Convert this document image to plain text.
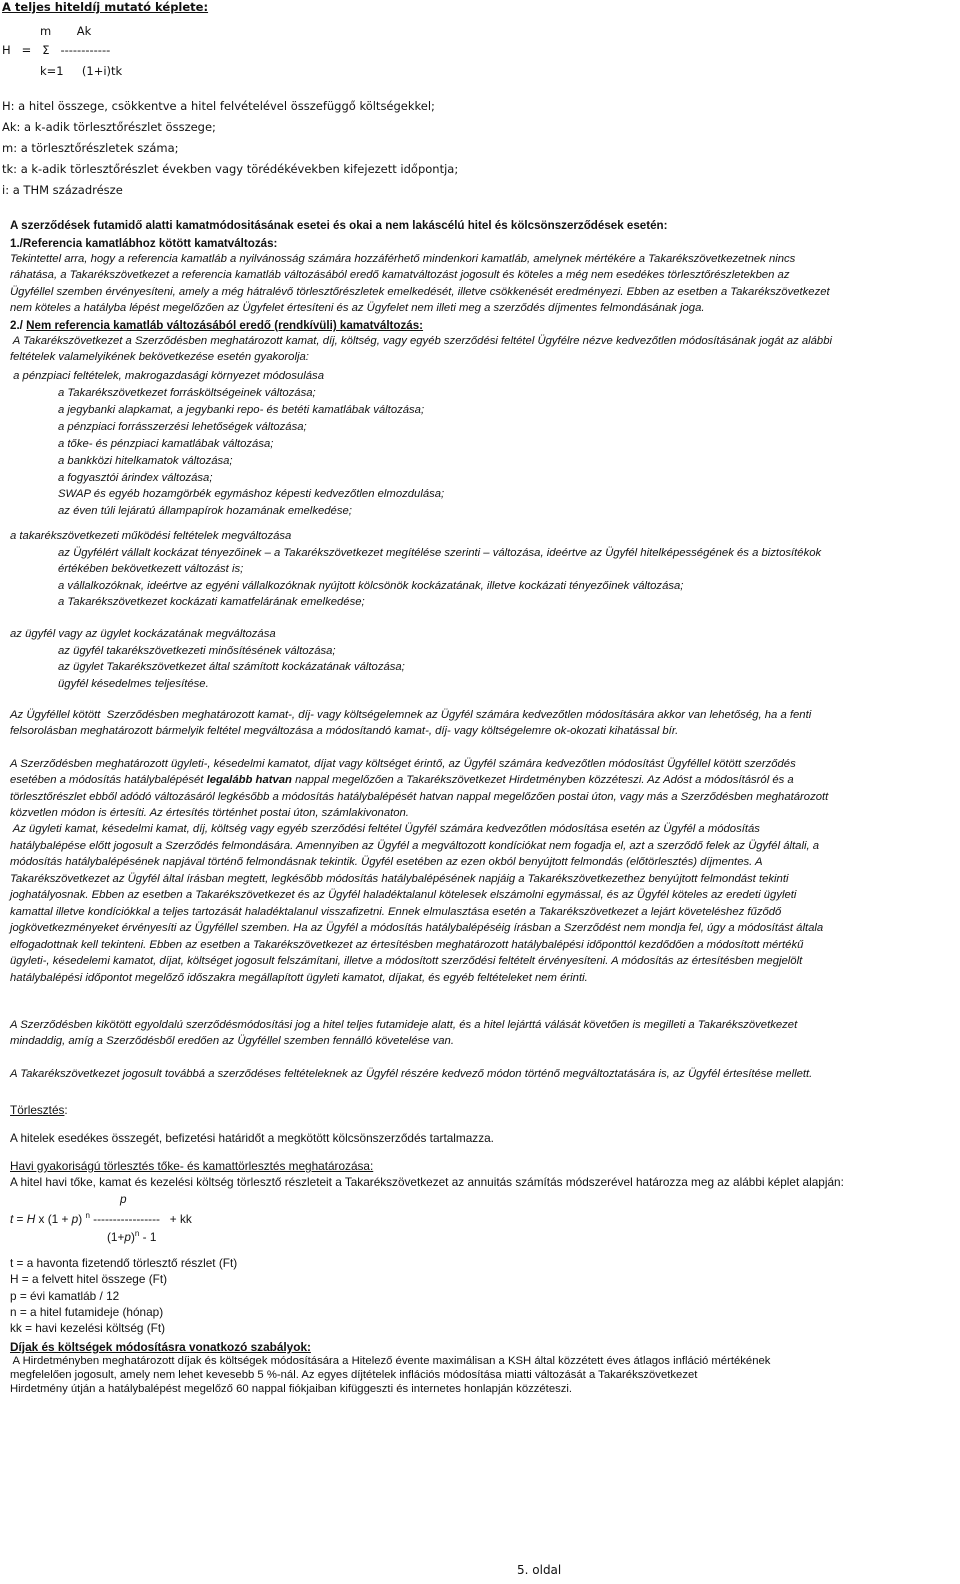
A teljes hiteldíj mutató képlete:
m       Ak
H   =   Σ   ------------
k=1     (1+i)tk
H: a hitel összege, csökkentve a hitel felvételével összefüggő költségekkel;
Ak: a k-adik törlesztőrészlet összege;
m: a törlesztőrészletek száma;
tk: a k-adik törlesztőrészlet években vagy törédékévekben kifejezett időpontja;
i: a THM századrésze
A szerződések futamidő alatti kamatmódositásának esetei és okai a nem lakáscélú hitel és kölcsönszerződések esetén:
1./Referencia kamatlábhoz kötött kamatváltozás:
Tekintettel arra, hogy a referencia kamatláb a nyilvánosság számára hozzáférhető mindenkori kamatláb, amelynek mértékére a Takarékszövetkezetnek nincs
ráhatása, a Takarékszövetkezet a referencia kamatláb változásából eredő kamatváltozást jogosult és köteles a még nem esedékes törlesztőrészletekben az
Ügyféllel szemben érvényesíteni, amely a még hátralévő törlesztőrészletek emelkedését, illetve csökkenését eredményezi. Ebben az esetben a Takarékszövetkezet
nem köteles a hatályba lépést megelőzően az Ügyfelet értesíteni és az Ügyfelet nem illeti meg a szerződés díjmentes felmondásának joga.
2./ Nem referencia kamatláb változásából eredő (rendkívüli) kamatváltozás:
A Takarékszövetkezet a Szerződésben meghatározott kamat, díj, költség, vagy egyéb szerződési feltétel Ügyfélre nézve kedvezőtlen módosításának jogát az alábbi
feltételek valamelyikének bekövetkezése esetén gyakorolja:
a pénzpiaci feltételek, makrogazdasági környezet módosulása
a Takarékszövetkezet forrásköltségeinek változása;
a jegybanki alapkamat, a jegybanki repo- és betéti kamatlábak változása;
a pénzpiaci forrásszerzési lehetőségek változása;
a tőke- és pénzpiaci kamatlábak változása;
a bankközi hitelkamatok változása;
a fogyasztói árindex változása;
SWAP és egyéb hozamgörbék egymáshoz képesti kedvezőtlen elmozdulása;
az éven túli lejáratú állampapírok hozamának emelkedése;
a takarékszövetkezeti működési feltételek megváltozása
az Ügyfélért vállalt kockázat tényezőinek – a Takarékszövetkezet megítélése szerinti – változása, ideértve az Ügyfél hitelképességének és a biztosítékok
értékében bekövetkezett változást is;
a vállalkozóknak, ideértve az egyéni vállalkozóknak nyújtott kölcsönök kockázatának, illetve kockázati tényezőinek változása;
a Takarékszövetkezet kockázati kamatfelárának emelkedése;
az ügyfél vagy az ügylet kockázatának megváltozása
az ügyfél takarékszövetkezeti minősítésének változása;
az ügylet Takarékszövetkezet által számított kockázatának változása;
ügyfél késedelmes teljesítése.
Az Ügyféllel kötött  Szerződésben meghatározott kamat-, díj- vagy költségelemnek az Ügyfél számára kedvezőtlen módosítására akkor van lehetőség, ha a fenti
felsorolásban meghatározott bármelyik feltétel megváltozása a módosítandó kamat-, díj- vagy költségelemre ok-okozati kihatással bír.
A Szerződésben meghatározott ügyleti-, késedelmi kamatot, díjat vagy költséget érintő, az Ügyfél számára kedvezőtlen módosítást Ügyféllel kötött szerződés
esetében a módosítás hatálybalépését legalább hatvan nappal megelőzően a Takarékszövetkezet Hirdetményben közzéteszi. Az Adóst a módosításról és a
törlesztőrészlet ebből adódó változásáról legkésőbb a módosítás hatálybalépését hatvan nappal megelőzően postai úton, vagy más a Szerződésben meghatározott
közvetlen módon is értesíti. Az értesítés történhet postai úton, számlakivonaton.
Az ügyleti kamat, késedelmi kamat, díj, költség vagy egyéb szerződési feltétel Ügyfél számára kedvezőtlen módosítása esetén az Ügyfél a módosítás
hatálybalépése előtt jogosult a Szerződés felmondására. Amennyiben az Ügyfél a megváltozott kondíciókat nem fogadja el, azt a szerződő felek az Ügyfél általi, a
módosítás hatálybalépésének napjával történő felmondásnak tekintik. Ügyfél esetében az ezen okból benyújtott felmondás (előtörlesztés) díjmentes. A
Takarékszövetkezet az Ügyfél által írásban megtett, legkésőbb módosítás hatálybalépésének napjáig a Takarékszövetkezethez benyújtott felmondást tekinti
joghatályosnak. Ebben az esetben a Takarékszövetkezet és az Ügyfél haladéktalanul kötelesek elszámolni egymással, és az Ügyfél köteles az eredeti ügyleti
kamattal illetve kondíciókkal a teljes tartozását haladéktalanul visszafizetni. Ennek elmulasztása esetén a Takarékszövetkezet a lejárt követeléshez fűződő
jogkövetkezményeket érvényesíti az Ügyféllel szemben. Ha az Ügyfél a módosítás hatálybalépéséig írásban a Szerződést nem mondja fel, úgy a módosítást általa
elfogadottnak kell tekinteni. Ebben az esetben a Takarékszövetkezet az értesítésben meghatározott hatálybalépési időponttól kezdődően a módosított mértékű
ügyleti-, késedelemi kamatot, díjat, költséget jogosult felszámítani, illetve a módosított szerződési feltételt érvényesíteni. A módosítás az értesítésben megjelölt
hatálybalépési időpontot megelőző időszakra megállapított ügyleti kamatot, díjakat, és egyéb feltételeket nem érinti.
A Szerződésben kikötött egyoldalú szerződésmódosítási jog a hitel teljes futamideje alatt, és a hitel lejárttá válását követően is megilleti a Takarékszövetkezet
mindaddig, amíg a Szerződésből eredően az Ügyféllel szemben fennálló követelése van.
A Takarékszövetkezet jogosult továbbá a szerződéses feltételeknek az Ügyfél részére kedvező módon történő megváltoztatására is, az Ügyfél értesítése mellett.
Törlesztés:
A hitelek esedékes összegét, befizetési határidőt a megkötött kölcsönszerződés tartalmazza.
Havi gyakoriságú törlesztés tőke- és kamattörlesztés meghatározása:
A hitel havi tőke, kamat és kezelési költség törlesztő részleteit a Takarékszövetkezet az annuitás számítás módszerével határozza meg az alábbi képlet alapján:
p
t = H x (1 + p) $^n$ -----------------   + kk
$(1+p)^n - 1$
t = a havonta fizetendő törlesztő részlet (Ft)
H = a felvett hitel összege (Ft)
p = évi kamatláb / 12
n = a hitel futamideje (hónap)
kk = havi kezelési költség (Ft)
Díjak és költségek módosításra vonatkozó szabályok:
A Hirdetményben meghatározott díjak és költségek módosítására a Hitelező évente maximálisan a KSH által közzétett éves átlagos infláció mértékének
megfelelően jogosult, amely nem lehet kevesebb 5 %-nál. Az egyes díjtételek inflációs módosítása miatti változását a Takarékszövetkezet
Hirdetmény útján a hatálybalépést megelőző 60 nappal fiókjaiban kifüggeszti és internetes honlapján közzéteszi.
5. oldal
